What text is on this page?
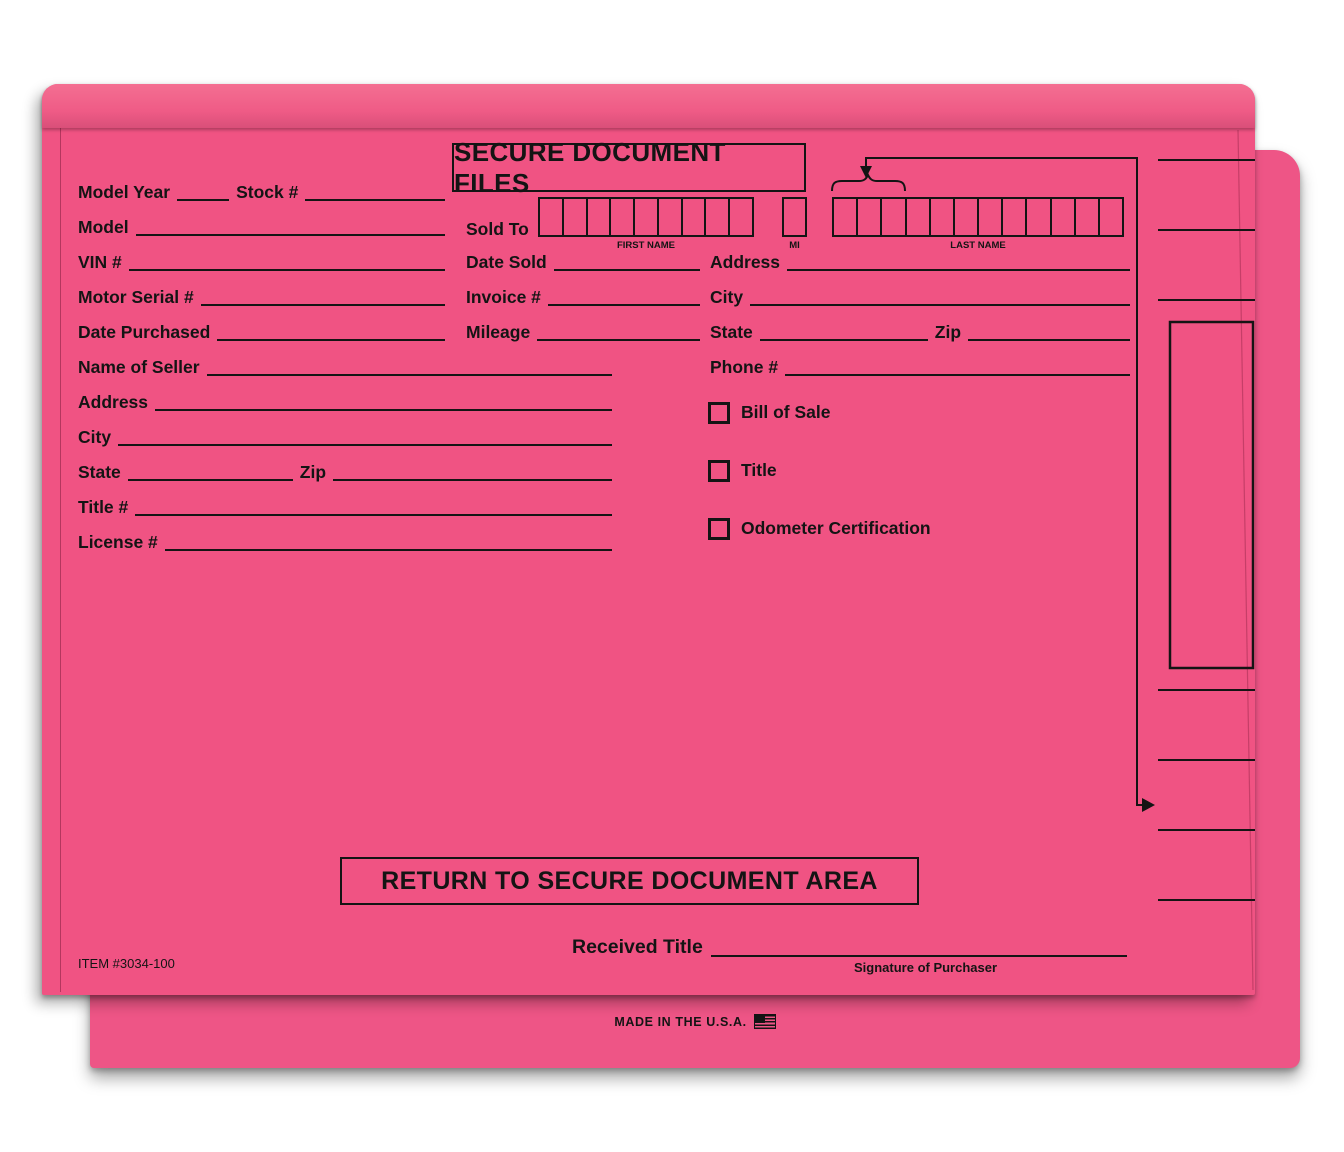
MADE IN THE U.S.A.
SECURE DOCUMENT FILES
Model Year	Stock #
Model
VIN #
Motor Serial #
Date Purchased
Name of Seller
Address
City
State	Zip
Title #
License #
Sold To
FIRST NAME	MI	LAST NAME
Date Sold
Invoice #
Mileage
Address
City
State	Zip
Phone #
Bill of Sale
Title
Odometer Certification
RETURN TO SECURE DOCUMENT AREA
Received Title
Signature of Purchaser
ITEM #3034-100
